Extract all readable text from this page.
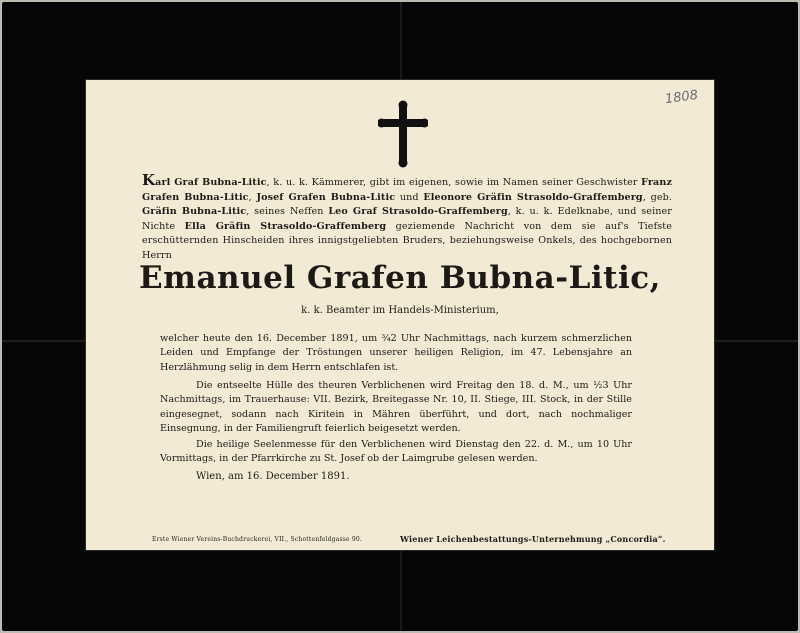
1808
Karl Graf Bubna-Litic, k. u. k. Kämmerer, gibt im eigenen, sowie im Namen seiner Geschwister Franz Grafen Bubna-Litic, Josef Grafen Bubna-Litic und Eleonore Gräfin Strasoldo-Graffemberg, geb. Gräfin Bubna-Litic, seines Neffen Leo Graf Strasoldo-Graffemberg, k. u. k. Edelknabe, und seiner Nichte Ella Gräfin Strasoldo-Graffemberg geziemende Nachricht von dem sie auf's Tiefste erschütternden Hinscheiden ihres innigstgeliebten Bruders, beziehungsweise Onkels, des hochgebornen Herrn
Emanuel Grafen Bubna-Litic,
k. k. Beamter im Handels-Ministerium,
welcher heute den 16. December 1891, um ¾2 Uhr Nachmittags, nach kurzem schmerzlichen Leiden und Empfange der Tröstungen unserer heiligen Religion, im 47. Lebensjahre an Herzlähmung selig in dem Herrn entschlafen ist.
Die entseelte Hülle des theuren Verblichenen wird Freitag den 18. d. M., um ½3 Uhr Nachmittags, im Trauerhause: VII. Bezirk, Breitegasse Nr. 10, II. Stiege, III. Stock, in der Stille eingesegnet, sodann nach Kiritein in Mähren überführt, und dort, nach nochmaliger Einsegnung, in der Familiengruft feierlich beigesetzt werden.
Die heilige Seelenmesse für den Verblichenen wird Dienstag den 22. d. M., um 10 Uhr Vormittags, in der Pfarrkirche zu St. Josef ob der Laimgrube gelesen werden.
Wien, am 16. December 1891.
Erste Wiener Vereins-Buchdruckerei, VII., Schottenfeldgasse 90.	Wiener Leichenbestattungs-Unternehmung „Concordia“.
